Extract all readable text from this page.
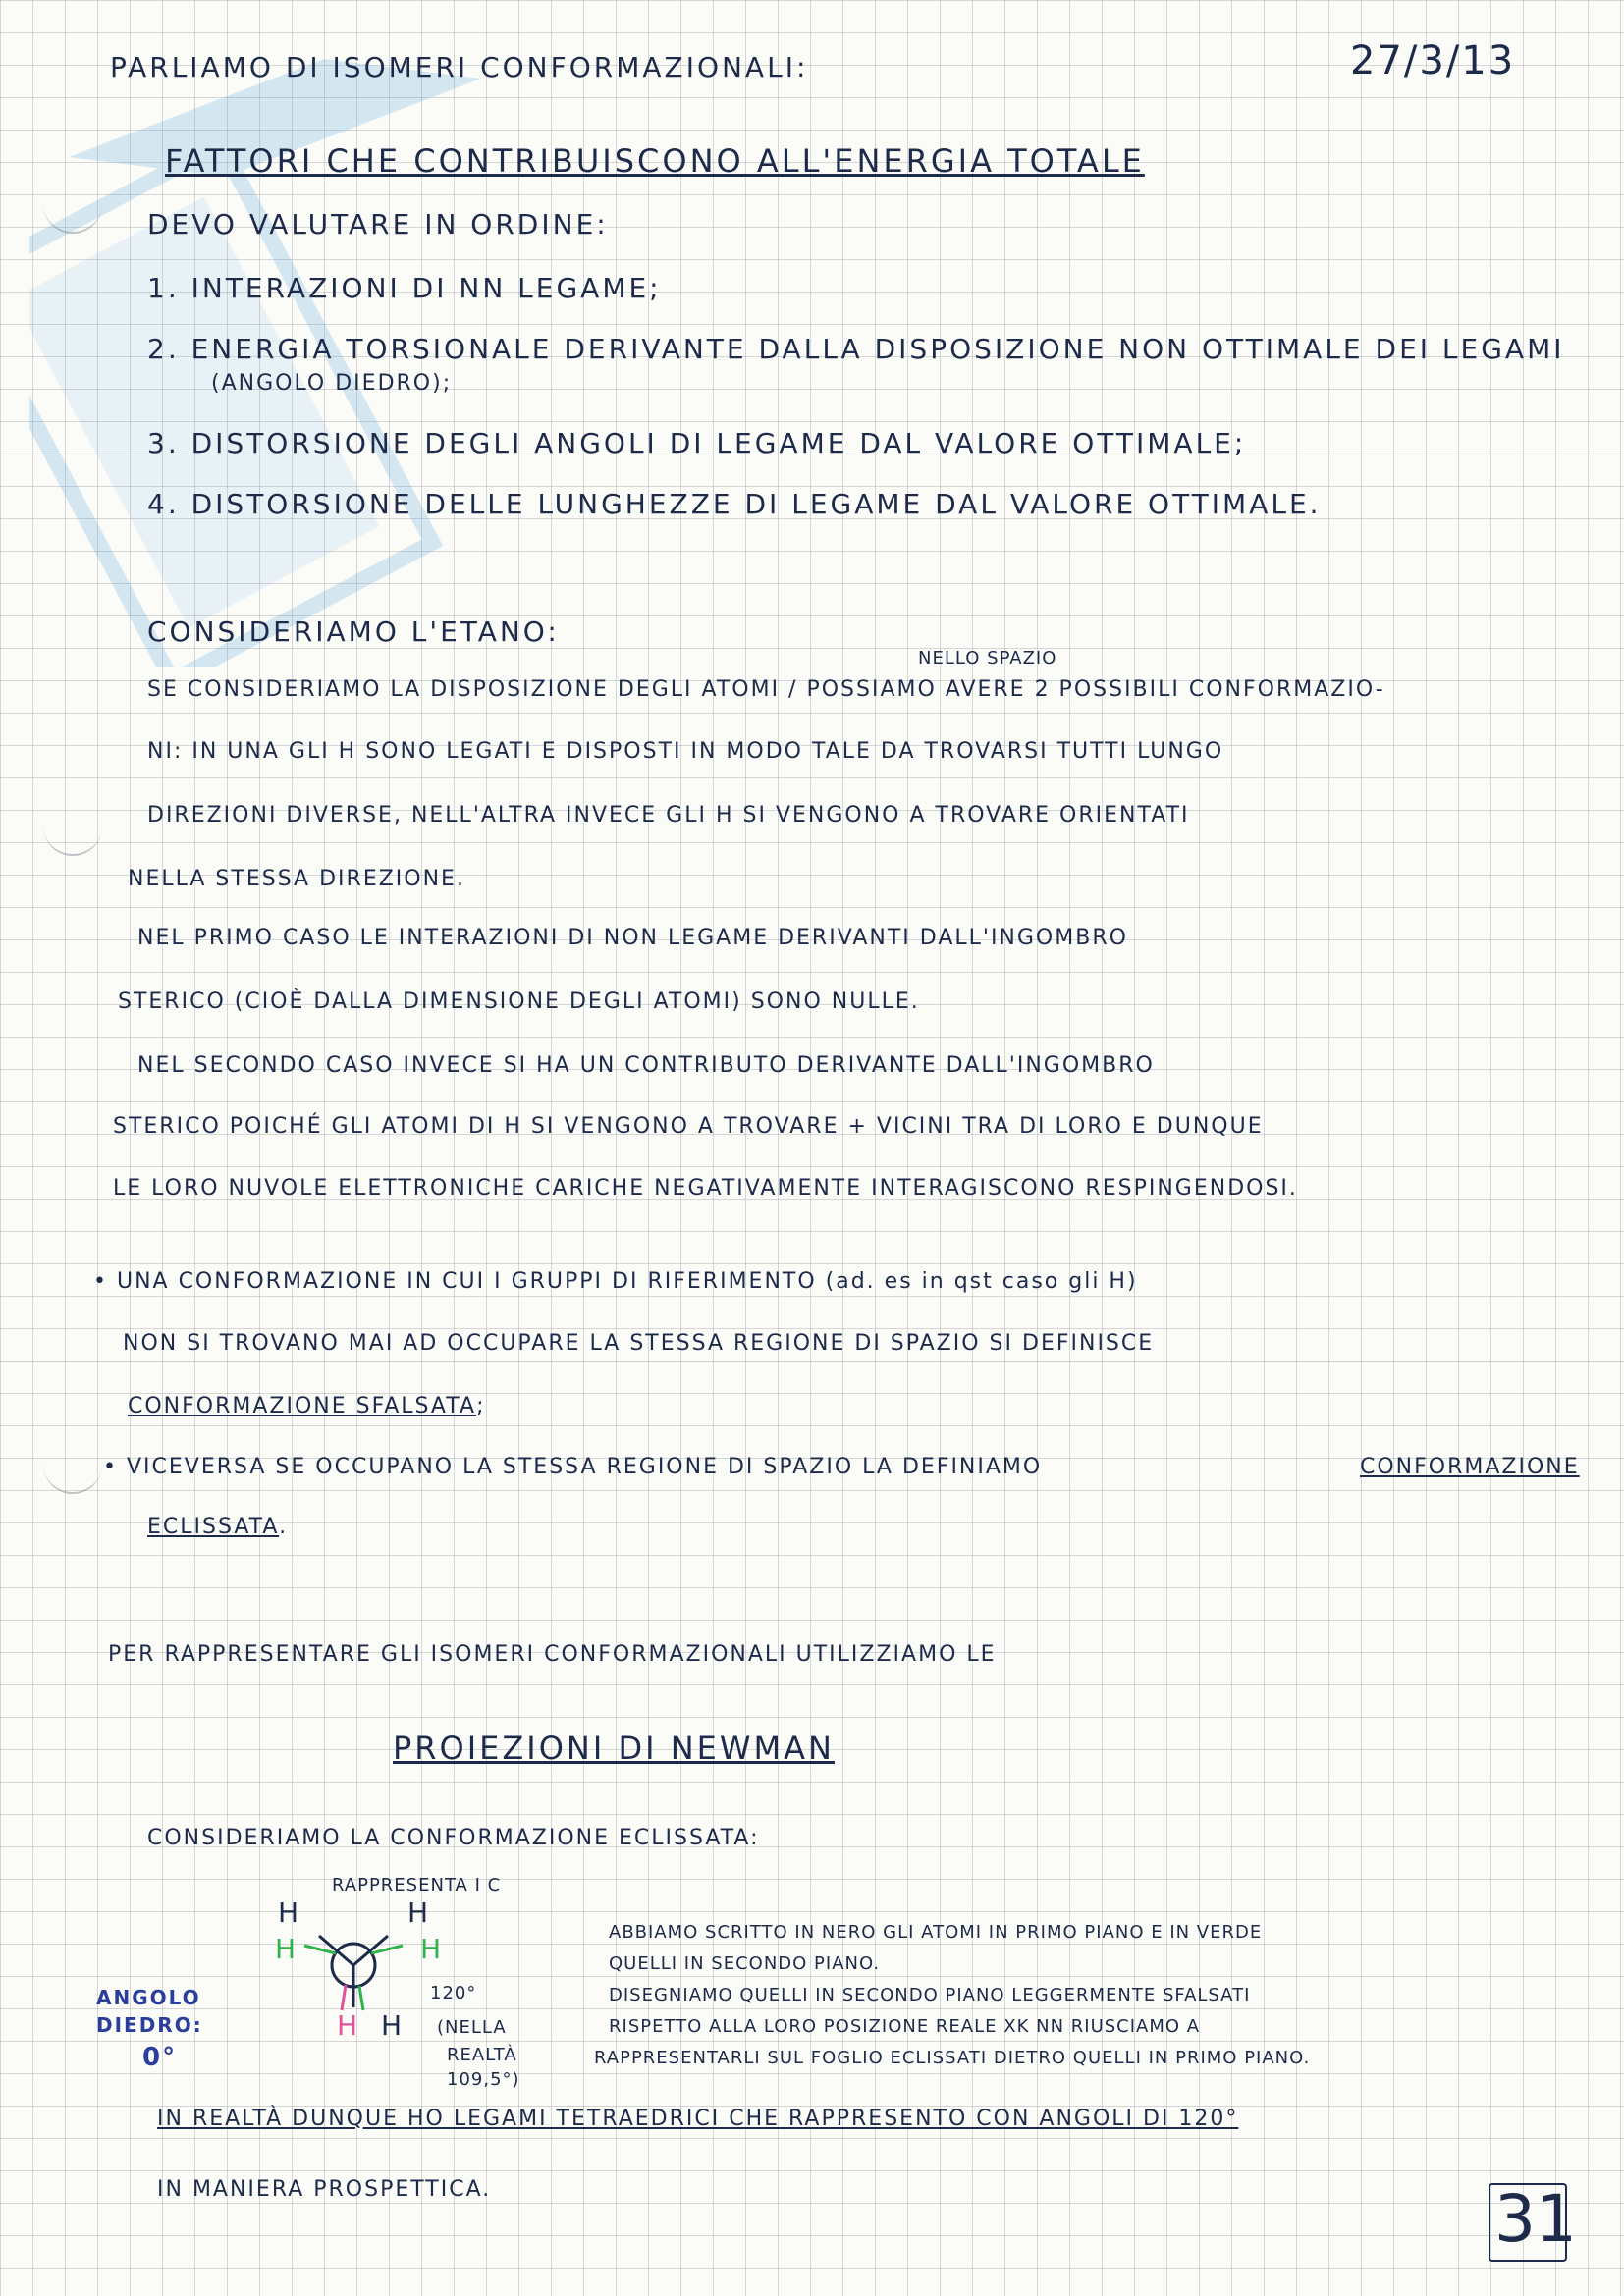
PARLIAMO DI ISOMERI CONFORMAZIONALI:	27/3/13
FATTORI CHE CONTRIBUISCONO ALL'ENERGIA TOTALE
DEVO VALUTARE IN ORDINE:
1. INTERAZIONI DI NN LEGAME;
2. ENERGIA TORSIONALE DERIVANTE DALLA DISPOSIZIONE NON OTTIMALE DEI LEGAMI
(ANGOLO DIEDRO);
3. DISTORSIONE DEGLI ANGOLI DI LEGAME DAL VALORE OTTIMALE;
4. DISTORSIONE DELLE LUNGHEZZE DI LEGAME DAL VALORE OTTIMALE.
CONSIDERIAMO L'ETANO:
NELLO SPAZIO
SE CONSIDERIAMO LA DISPOSIZIONE DEGLI ATOMI / POSSIAMO AVERE 2 POSSIBILI CONFORMAZIO-
NI: IN UNA GLI H SONO LEGATI E DISPOSTI IN MODO TALE DA TROVARSI TUTTI LUNGO
DIREZIONI DIVERSE, NELL'ALTRA INVECE GLI H SI VENGONO A TROVARE ORIENTATI
NELLA STESSA DIREZIONE.
NEL PRIMO CASO LE INTERAZIONI DI NON LEGAME DERIVANTI DALL'INGOMBRO
STERICO (CIOÈ DALLA DIMENSIONE DEGLI ATOMI) SONO NULLE.
NEL SECONDO CASO INVECE SI HA UN CONTRIBUTO DERIVANTE DALL'INGOMBRO
STERICO POICHÉ GLI ATOMI DI H SI VENGONO A TROVARE + VICINI TRA DI LORO E DUNQUE
LE LORO NUVOLE ELETTRONICHE CARICHE NEGATIVAMENTE INTERAGISCONO RESPINGENDOSI.
• UNA CONFORMAZIONE IN CUI I GRUPPI DI RIFERIMENTO (ad. es in qst caso gli H)
NON SI TROVANO MAI AD OCCUPARE LA STESSA REGIONE DI SPAZIO SI DEFINISCE
CONFORMAZIONE SFALSATA;
• VICEVERSA SE OCCUPANO LA STESSA REGIONE DI SPAZIO LA DEFINIAMO	CONFORMAZIONE
ECLISSATA.
PER RAPPRESENTARE GLI ISOMERI CONFORMAZIONALI UTILIZZIAMO LE
PROIEZIONI DI NEWMAN
CONSIDERIAMO LA CONFORMAZIONE ECLISSATA:
RAPPRESENTA I C
H	H
H	H
H H
ANGOLO
DIEDRO:
0°
120°
(NELLA
REALTÀ
109,5°)
ABBIAMO SCRITTO IN NERO GLI ATOMI IN PRIMO PIANO E IN VERDE
QUELLI IN SECONDO PIANO.
DISEGNIAMO QUELLI IN SECONDO PIANO LEGGERMENTE SFALSATI
RISPETTO ALLA LORO POSIZIONE REALE XK NN RIUSCIAMO A
RAPPRESENTARLI SUL FOGLIO ECLISSATI DIETRO QUELLI IN PRIMO PIANO.
IN REALTÀ DUNQUE HO LEGAMI TETRAEDRICI CHE RAPPRESENTO CON ANGOLI DI 120°
IN MANIERA PROSPETTICA.	31
